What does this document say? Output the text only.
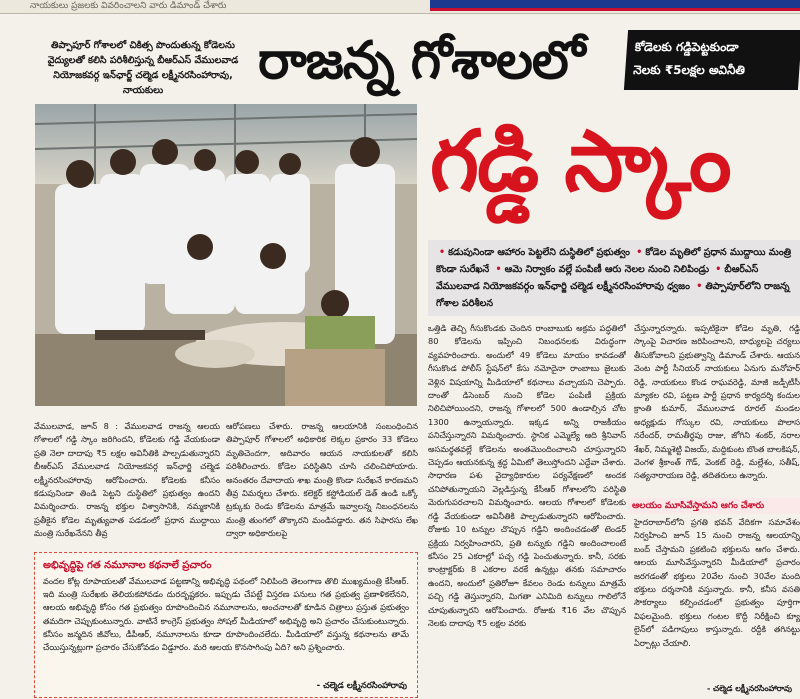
నాయకులు ప్రజలకు వివరించాలని వారు డిమాండ్ చేశారు
తిప్పాపూర్ గోశాలలో చికిత్స పొందుతున్న కోడెలను వైద్యులతో కలిసి పరిశీలిస్తున్న బీఆర్ఎస్ వేములవాడ నియోజకవర్గ ఇన్‌ఛార్జ్ చల్మెడ లక్ష్మీనరసింహారావు, నాయకులు	రాజన్న గోశాలలో	కోడెలకు గడ్డిపెట్టకుండా
నెలకు ₹5లక్షల అవినీతి
గడ్డి స్కాం
• కడుపునిండా ఆహారం పెట్టలేని దుస్థితిలో ప్రభుత్వం • కోడెల మృతిలో ప్రధాన ముద్దాయి మంత్రి కొండా సురేఖనే • ఆమె నిర్వాకం వల్లే పంపిణీ ఆరు నెలల నుంచి నిలిపిండ్రు • బీఆర్ఎస్ వేములవాడ నియోజకవర్గం ఇన్‌ఛార్జి చల్మెడ లక్ష్మీనరసింహారావు ధ్వజం • తిప్పాపూర్‌లోని రాజన్న గోశాల పరిశీలన
వేములవాడ, జూన్ 8 : వేములవాడ రాజన్న ఆలయ గోశాలలో గడ్డి స్కాం జరిగిందని, కోడెలకు గడ్డి వేయకుండా ప్రతి నెలా దాదాపు ₹5 లక్షల అవినీతికి పాల్పడుతున్నారని బీఆర్ఎస్ వేములవాడ నియోజకవర్గ ఇన్‌ఛార్జి చల్మెడ లక్ష్మీనరసింహారావు ఆరోపించారు. కోడెలకు కనీసం కడుపునిండా తిండి పెట్టని దుస్థితిలో ప్రభుత్వం ఉందని విమర్శించారు. రాజన్న భక్తుల విశ్వాసానికి, నమ్మకానికి ప్రతీకైన కోడెల మృత్యువాత పడడంలో ప్రధాన ముద్దాయి మంత్రి సురేఖనేనని తీవ్ర
ఆరోపణలు చేశారు. రాజన్న ఆలయానికి సంబంధించిన తిప్పాపూర్ గోశాలలో అధికారిక లెక్కల ప్రకారం 33 కోడెలు మృతిచెందగా, అదివారం ఆయన నాయకులతో కలిసి పరిశీలించారు. కోడెల పరిస్థితిని చూసి చలించిపోయారు. అనంతరం దేవాదాయ శాఖ మంత్రి కొండా సురేఖనే కారణమని తీవ్ర విమర్శలు చేశారు. కలెక్టర్ కస్టోడియల్ డెత్ ఉండి ఒక్కో ట్రక్కుకు రెండు కోడెలను మాత్రమే ఇవ్వాలన్న నిబంధనలను మంత్రి తుంగలో తొక్కారని మండిపడ్డారు. తన సిఫారసు లేఖ ద్వారా అధికారులపై
ఒత్తిడి తెచ్చి గీసుకొండకు చెందిన రాంబాబుకు అక్రమ పద్ధతిలో 80 కోడెలను ఇప్పించి నిబంధనలకు విరుద్ధంగా వ్యవహరించారు. అందులో 49 కోడెలు మాయం కావడంతో గీసుకొండ పోలీస్ స్టేషన్‌లో కేసు నమోదైనా రాంబాబు జైలుకు వెళ్లిన విషయాన్ని మీడియాలో కథనాలు వచ్చాయని చెప్పారు. దాంతో డిసెంబర్ నుంచి కోడెల పంపిణీ ప్రక్రియ నిలిచిపోయిందని, రాజన్న గోశాలలో 500 ఉండాల్సిన చోట 1300 ఉన్నాయన్నారు. ఇక్కడ అన్ని రాజకీయం పనిచేస్తున్నారని విమర్శించారు. స్థానిక ఎమ్మెల్యే ఆది శ్రీనివాస్ అసమర్థతవల్లే కోడెలను అంతమొందించాలని చూస్తున్నారని చెప్పడం ఆయనకున్న శ్రద్ధ ఏమిటో తెలుస్తోందని ఎద్దేవా చేశారు. సాధారణ పశు వైద్యాధికారుల పర్యవేక్షణలో అందక చనిపోతున్నాయని వెల్లడిస్తున్న కేసీఆర్ గోశాలలోని పరిస్థితి మెరుగుపరచాలని విమర్శించారు. ఆలయ గోశాలలో కోడెలకు గడ్డి వేయకుండా అవినీతికి పాల్పడుతున్నారని ఆరోపించారు. రోజుకు 10 టన్నుల చొప్పున గడ్డిని అందించడంతో టెండర్ ప్రక్రియ నిర్వహించారని, ప్రతి టన్నుకు గడ్డిని అందించాలంటే కనీసం 25 ఎకరాల్లో పచ్చ గడ్డి పెంచుతున్నారు. కానీ, సరకు కాంట్రాక్టర్‌కు 8 ఎకరాల వరకే ఉన్నట్లు తనకు సమాచారం ఉందని, అందులో ప్రతిరోజూ కేవలం రెండు టన్నులు మాత్రమే పచ్చి గడ్డి తెస్తున్నారని, మిగతా ఎనిమిది టన్నులు గాలిలోనే చూపుతున్నారని ఆరోపించారు. రోజుకు ₹16 వేల చొప్పున నెలకు దాదాపు ₹5 లక్షల వరకు
చేస్తున్నారన్నారు. ఇప్పటికైనా కోడెల మృతి, గడ్డి స్కాంపై విచారణ జరిపించాలని, బాధ్యులపై చర్యలు తీసుకోవాలని ప్రభుత్వాన్ని డిమాండ్ చేశారు. ఆయన వెంట పార్టీ సీనియర్ నాయకులు ఏనుగు మనోహర్ రెడ్డి, నాయకులు కొండ రాఘవరెడ్డి, మాజీ జడ్పీటీసీ మ్యాకల రవి, పట్టణ పార్టీ ప్రధాన కార్యదర్శి కందుల క్రాంతి కుమార్, వేములవాడ రూరల్ మండల అధ్యక్షుడు గోస్కుల రవి, నాయకులు పొలాస నరేందర్, రామతీర్థపు రాజు, జోగిని శంకర్, నరాల శేఖర్, నిమ్మశెట్టి విజయ్, మద్దికుంట బొంత బాలకిషన్, వెంగళ శ్రీకాంత్ గౌడ్, వెంకట్ రెడ్డి, మల్లేశం, సతీష్, సత్యనారాయణ రెడ్డి, తదితరులు ఉన్నారు.
ఆలయం మూసివేస్తామని ఆగం చేశారు
హైదరాబాద్‌లోని ప్రగతి భవన్ వేదికగా సమావేశం నిర్వహించి జూన్ 15 నుంచి రాజన్న ఆలయాన్ని బంద్ చేస్తామని ప్రకటించి భక్తులను ఆగం చేశారు. ఆలయ మూసివేస్తున్నారని మీడియాలో ప్రచారం జరగడంతో భక్తులు 20వేల నుంచి 30వేల మంది భక్తులు దర్శనానికి వస్తున్నారు. కానీ, కనీస వసతి సౌకర్యాలు కల్పించడంలో ప్రభుత్వం పూర్తిగా విఫలమైంది. భక్తులు గంటల కొద్దీ నిరీక్షించి క్యూ లైన్‌లో పడిగాపులు కాస్తున్నారు. రద్దీకి తగినట్టు ఏర్పాట్లు చేయాలి.
- చల్మెడ లక్ష్మీనరసింహారావు
అభివృద్ధిపై గత నమూనాల కథనాలే ప్రచారం
వందల కోట్ల రూపాయలతో వేములవాడ పట్టణాన్ని అభివృద్ధి పథంలో నిలిపింది తెలంగాణ తొలి ముఖ్యమంత్రి కేసీఆర్. ఇది మంత్రి సురేఖకు తెలియకపోవడం దురదృష్టకరం. ఇప్పుడు చేపట్టే విస్తరణ పనులు గత ప్రభుత్వ ప్రణాళికలేనని, ఆలయ అభివృద్ధి కోసం గత ప్రభుత్వం రూపొందించిన నమూనాలను, అంచనాలతో కూడిన చిత్రాలు ప్రస్తుత ప్రభుత్వం తమదిగా చెప్పుకుంటున్నారు. వాటినే కాంగ్రెస్ ప్రభుత్వం సోషల్ మీడియాలో అభివృద్ధి అని ప్రచారం చేసుకుంటున్నారు. కనీసం జన్మదిన జీవోలు, డీపీఆర్, నమూనాలను కూడా రూపొందించలేదు. మీడియాలో వస్తున్న కథనాలను తామే చేయిస్తున్నట్లుగా ప్రచారం చేసుకోవడం విడ్డూరం. మరి ఆలయ కొనసాగింపు ఏది? అని ప్రశ్నించారు.
- చల్మెడ లక్ష్మీనరసింహారావు
